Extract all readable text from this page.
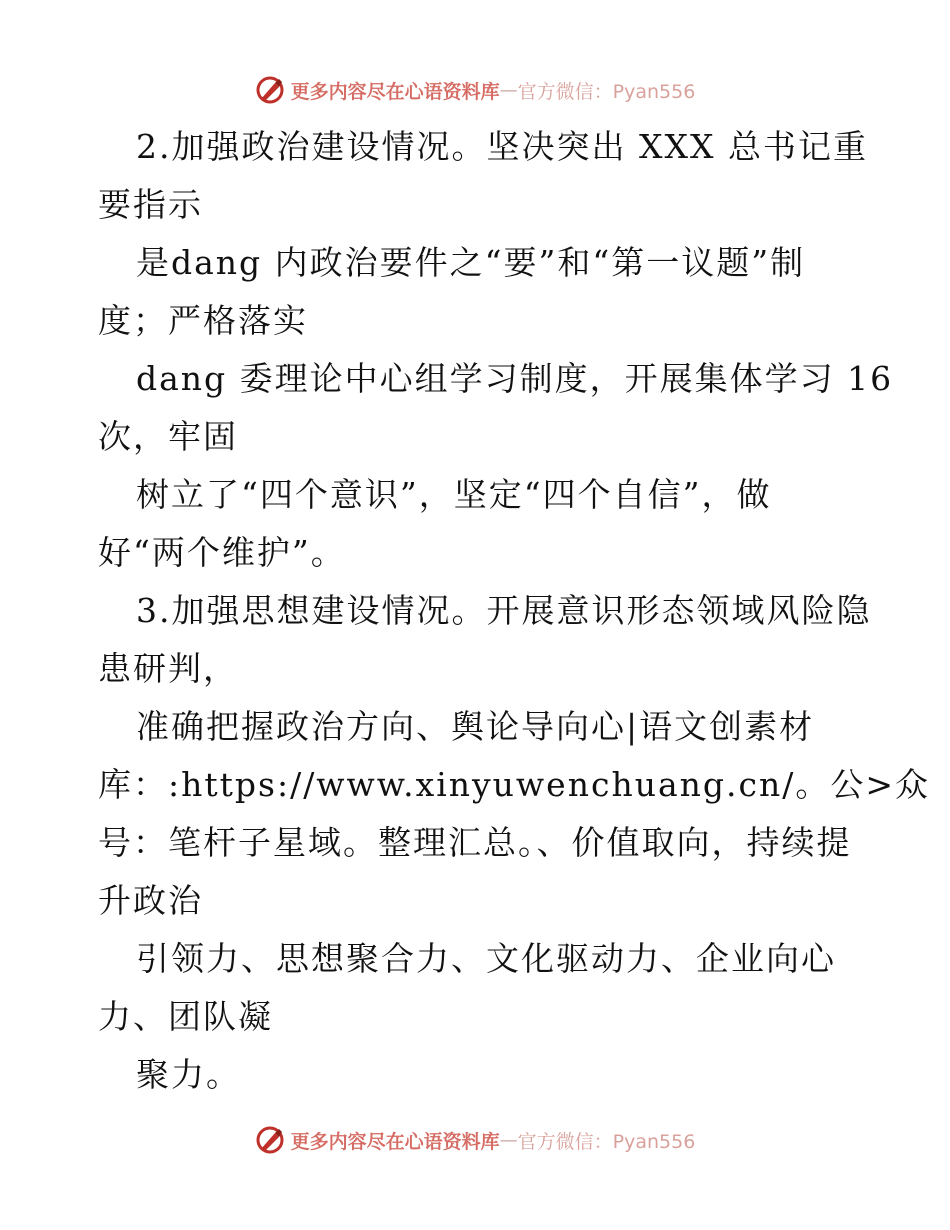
更多内容尽在心语资料库 — 官方微信：Pyan556
2.加强政治建设情况。坚决突出 XXX 总书记重
要指示
是dang 内政治要件之“要”和“第一议题”制
度；严格落实
dang 委理论中心组学习制度，开展集体学习 16
次，牢固
树立了“四个意识”，坚定“四个自信”，做
好“两个维护”。
3.加强思想建设情况。开展意识形态领域风险隐
患研判，
准确把握政治方向、舆论导向心|语文创素材
库：:https://www.xinyuwenchuang.cn/。公>众
号：笔杆子星域。整理汇总。、价值取向，持续提
升政治
引领力、思想聚合力、文化驱动力、企业向心
力、团队凝
聚力。
更多内容尽在心语资料库 — 官方微信：Pyan556
